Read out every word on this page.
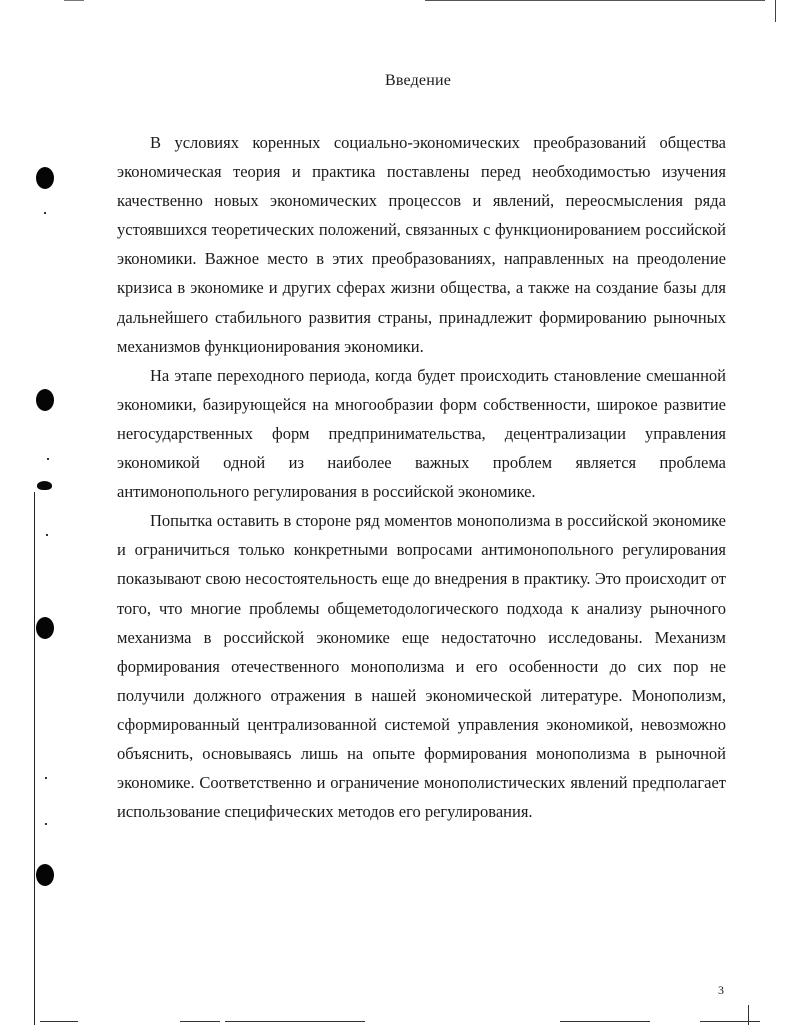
Введение

В условиях коренных социально-экономических преобразований общества экономическая теория и практика поставлены перед необходимостью изучения качественно новых экономических процессов и явлений, переосмысления ряда устоявшихся теоретических положений, связанных с функционированием российской экономики. Важное место в этих преобразованиях, направленных на преодоление кризиса в экономике и других сферах жизни общества, а также на создание базы для дальнейшего стабильного развития страны, принадлежит формированию рыночных механизмов функционирования экономики.

На этапе переходного периода, когда будет происходить становление смешанной экономики, базирующейся на многообразии форм собственности, широкое развитие негосударственных форм предпринимательства, децентрализации управления экономикой одной из наиболее важных проблем является проблема антимонопольного регулирования в российской экономике.

Попытка оставить в стороне ряд моментов монополизма в российской экономике и ограничиться только конкретными вопросами антимонопольного регулирования показывают свою несостоятельность еще до внедрения в практику. Это происходит от того, что многие проблемы общеметодологического подхода к анализу рыночного механизма в российской экономике еще недостаточно исследованы. Механизм формирования отечественного монополизма и его особенности до сих пор не получили должного отражения в нашей экономической литературе. Монополизм, сформированный централизованной системой управления экономикой, невозможно объяснить, основываясь лишь на опыте формирования монополизма в рыночной экономике. Соответственно и ограничение монополистических явлений предполагает использование специфических методов его регулирования.

3
